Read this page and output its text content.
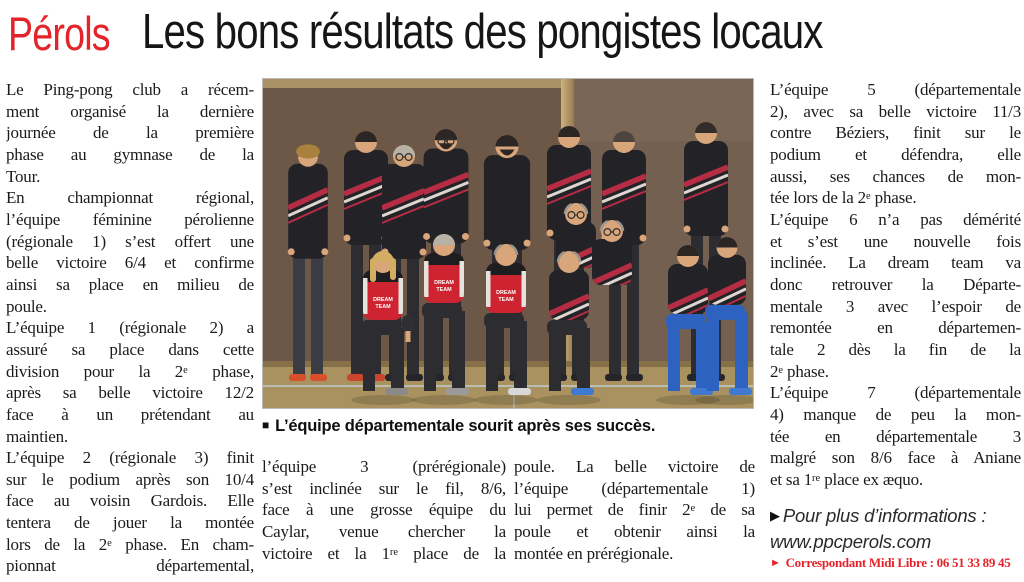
Pérols Les bons résultats des pongistes locaux
Le Ping-pong club a récem-
ment organisé la dernière
journée de la première
phase au gymnase de la
Tour.
En championnat régional,
l’équipe féminine pérolienne
(régionale 1) s’est offert une
belle victoire 6/4 et confirme
ainsi sa place en milieu de
poule.
L’équipe 1 (régionale 2) a
assuré sa place dans cette
division pour la 2e phase,
après sa belle victoire 12/2
face à un prétendant au
maintien.
L’équipe 2 (régionale 3) finit
sur le podium après son 10/4
face au voisin Gardois. Elle
tentera de jouer la montée
lors de la 2e phase. En cham-
pionnat départemental,
DREAM
TEAM
DREAM
TEAM	DREAM
TEAM
■ L’équipe départementale sourit après ses succès.
l’équipe 3 (prérégionale)
s’est inclinée sur le fil, 8/6,
face à une grosse équipe du
Caylar, venue chercher la
victoire et la 1re place de la
poule. La belle victoire de
l’équipe (départementale 1)
lui permet de finir 2e de sa
poule et obtenir ainsi la
montée en prérégionale.
L’équipe 5 (départementale
2), avec sa belle victoire 11/3
contre Béziers, finit sur le
podium et défendra, elle
aussi, ses chances de mon-
tée lors de la 2e phase.
L’équipe 6 n’a pas démérité
et s’est une nouvelle fois
inclinée. La dream team va
donc retrouver la Départe-
mentale 3 avec l’espoir de
remontée en départemen-
tale 2 dès la fin de la
2e phase.
L’équipe 7 (départementale
4) manque de peu la mon-
tée en départementale 3
malgré son 8/6 face à Aniane
et sa 1re place ex æquo.
▶ Pour plus d’informations :
www.ppcperols.com
► Correspondant Midi Libre : 06 51 33 89 45
